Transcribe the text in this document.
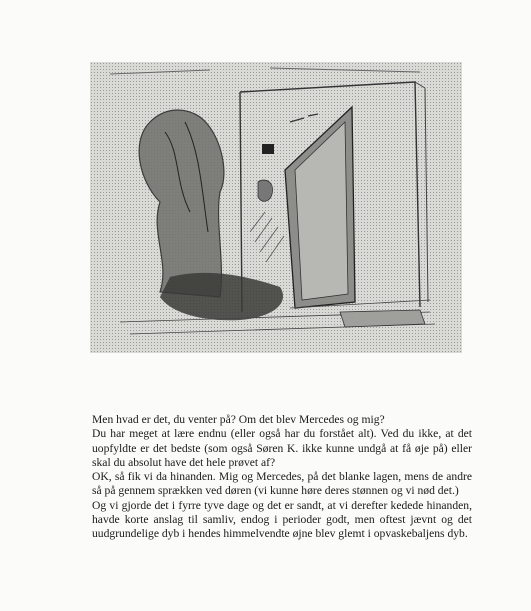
Men hvad er det, du venter på? Om det blev Mercedes og mig?

Du har meget at lære endnu (eller også har du forstået alt). Ved du ikke, at det uopfyldte er det bedste (som også Søren K. ikke kunne undgå at få øje på) eller skal du absolut have det hele prøvet af?

OK, så fik vi da hinanden. Mig og Mercedes, på det blanke lagen, mens de andre så på gennem sprækken ved døren (vi kunne høre deres stønnen og vi nød det.)

Og vi gjorde det i fyrre tyve dage og det er sandt, at vi derefter kedede hinanden, havde korte anslag til samliv, endog i perioder godt, men oftest jævnt og det uudgrundelige dyb i hendes himmelvendte øjne blev glemt i opvaskebaljens dyb.
